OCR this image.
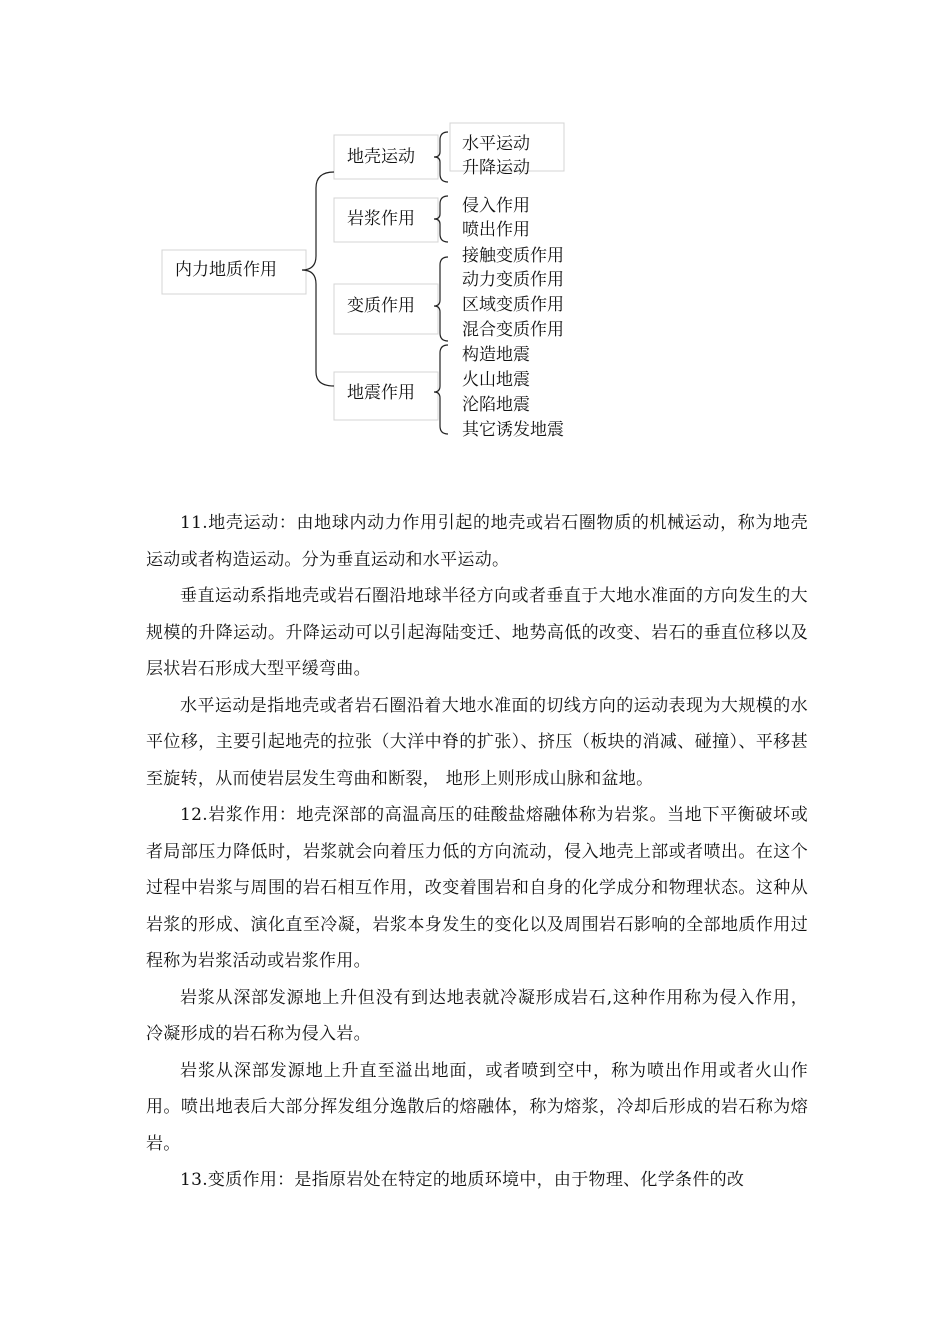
内力地质作用
地壳运动
岩浆作用
变质作用
地震作用
水平运动
升降运动
侵入作用
喷出作用
接触变质作用
动力变质作用
区域变质作用
混合变质作用
构造地震
火山地震
沦陷地震
其它诱发地震

11.地壳运动：由地球内动力作用引起的地壳或岩石圈物质的机械运动，称为地壳运动或者构造运动。分为垂直运动和水平运动。

垂直运动系指地壳或岩石圈沿地球半径方向或者垂直于大地水准面的方向发生的大规模的升降运动。升降运动可以引起海陆变迁、地势高低的改变、岩石的垂直位移以及层状岩石形成大型平缓弯曲。

水平运动是指地壳或者岩石圈沿着大地水准面的切线方向的运动表现为大规模的水平位移，主要引起地壳的拉张（大洋中脊的扩张）、挤压（板块的消减、碰撞）、平移甚至旋转，从而使岩层发生弯曲和断裂， 地形上则形成山脉和盆地。

12.岩浆作用：地壳深部的高温高压的硅酸盐熔融体称为岩浆。当地下平衡破坏或者局部压力降低时，岩浆就会向着压力低的方向流动，侵入地壳上部或者喷出。在这个过程中岩浆与周围的岩石相互作用，改变着围岩和自身的化学成分和物理状态。这种从岩浆的形成、演化直至冷凝，岩浆本身发生的变化以及周围岩石影响的全部地质作用过程称为岩浆活动或岩浆作用。

岩浆从深部发源地上升但没有到达地表就冷凝形成岩石,这种作用称为侵入作用，冷凝形成的岩石称为侵入岩。

岩浆从深部发源地上升直至溢出地面，或者喷到空中，称为喷出作用或者火山作用。喷出地表后大部分挥发组分逸散后的熔融体，称为熔浆，冷却后形成的岩石称为熔岩。

13.变质作用：是指原岩处在特定的地质环境中，由于物理、化学条件的改
